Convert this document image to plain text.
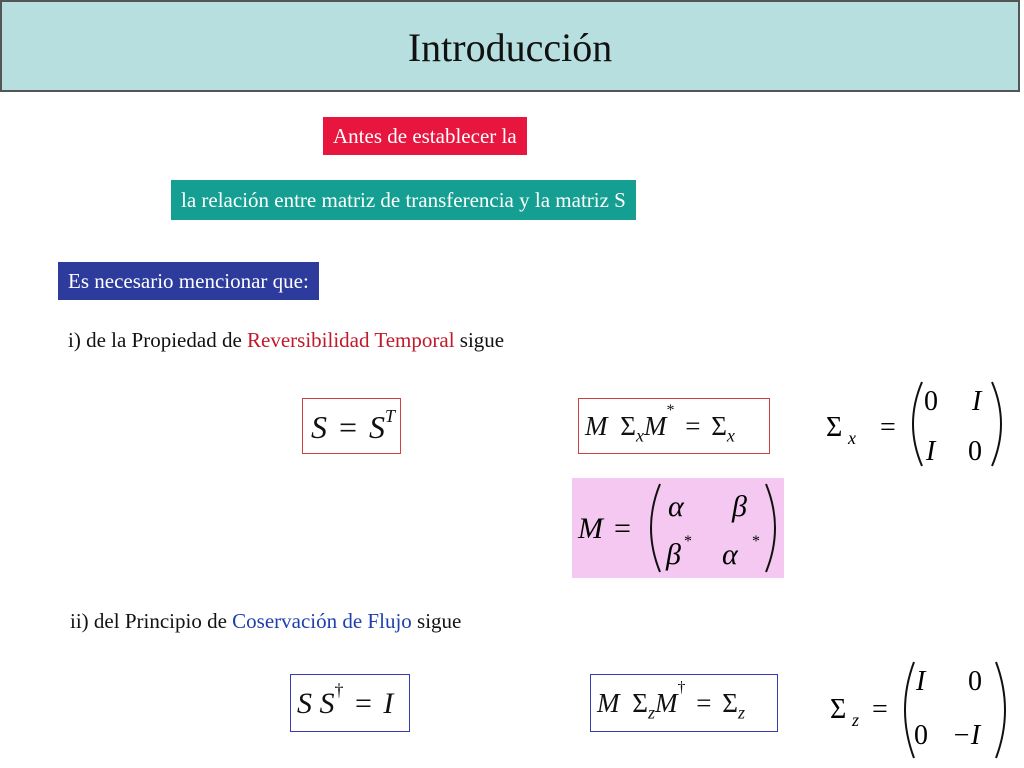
Introducción
Antes de establecer la
la relación entre matriz de transferencia y la matriz S
Es necesario mencionar que:
i) de la Propiedad de Reversibilidad Temporal sigue
$S = S^T$	M $\Sigma_xM^* = \Sigma_x$	Σ x =
0 I
I 0
M =
α β
β * α *
ii) del Principio de Coservación de Flujo sigue
S S† = I	M $\Sigma_zM^\dagger = \Sigma_z$	Σ z =
I 0
0 −I
